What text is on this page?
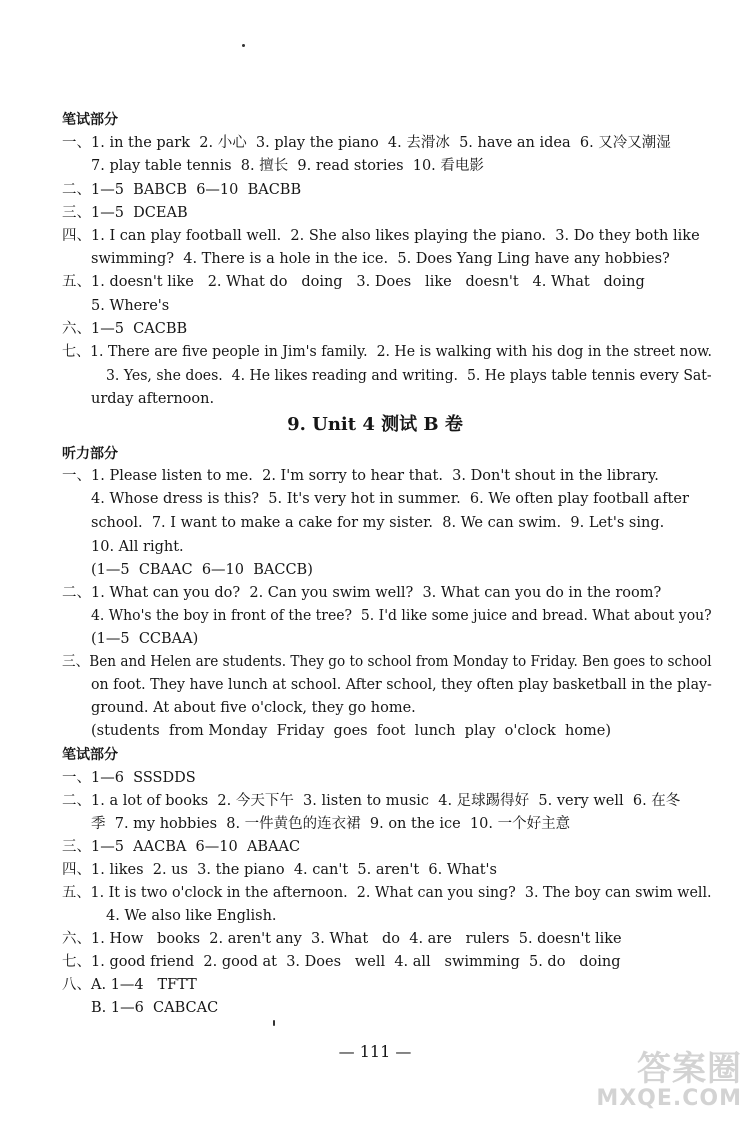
笔试部分
一、1. in the park  2. 小心  3. play the piano  4. 去滑冰  5. have an idea  6. 又冷又潮湿
7. play table tennis  8. 擅长  9. read stories  10. 看电影
二、1—5  BABCB  6—10  BACBB
三、1—5  DCEAB
四、1. I can play football well.  2. She also likes playing the piano.  3. Do they both like
swimming?  4. There is a hole in the ice.  5. Does Yang Ling have any hobbies?
五、1. doesn't like   2. What do   doing   3. Does   like   doesn't   4. What   doing
5. Where's
六、1—5  CACBB
七、1. There are five people in Jim's family.  2. He is walking with his dog in the street now.
3. Yes, she does.  4. He likes reading and writing.  5. He plays table tennis every Sat-
urday afternoon.
9. Unit 4 测试 B 卷
听力部分
一、1. Please listen to me.  2. I'm sorry to hear that.  3. Don't shout in the library.
4. Whose dress is this?  5. It's very hot in summer.  6. We often play football after
school.  7. I want to make a cake for my sister.  8. We can swim.  9. Let's sing.
10. All right.
(1—5  CBAAC  6—10  BACCB)
二、1. What can you do?  2. Can you swim well?  3. What can you do in the room?
4. Who's the boy in front of the tree?  5. I'd like some juice and bread. What about you?
(1—5  CCBAA)
三、Ben and Helen are students. They go to school from Monday to Friday. Ben goes to school
on foot. They have lunch at school. After school, they often play basketball in the play-
ground. At about five o'clock, they go home.
(students  from Monday  Friday  goes  foot  lunch  play  o'clock  home)
笔试部分
一、1—6  SSSDDS
二、1. a lot of books  2. 今天下午  3. listen to music  4. 足球踢得好  5. very well  6. 在冬
季  7. my hobbies  8. 一件黄色的连衣裙  9. on the ice  10. 一个好主意
三、1—5  AACBA  6—10  ABAAC
四、1. likes  2. us  3. the piano  4. can't  5. aren't  6. What's
五、1. It is two o'clock in the afternoon.  2. What can you sing?  3. The boy can swim well.
4. We also like English.
六、1. How   books  2. aren't any  3. What   do  4. are   rulers  5. doesn't like
七、1. good friend  2. good at  3. Does   well  4. all   swimming  5. do   doing
八、A. 1—4   TFTT
B. 1—6  CABCAC
— 111 —	答案圈
MXQE.COM
